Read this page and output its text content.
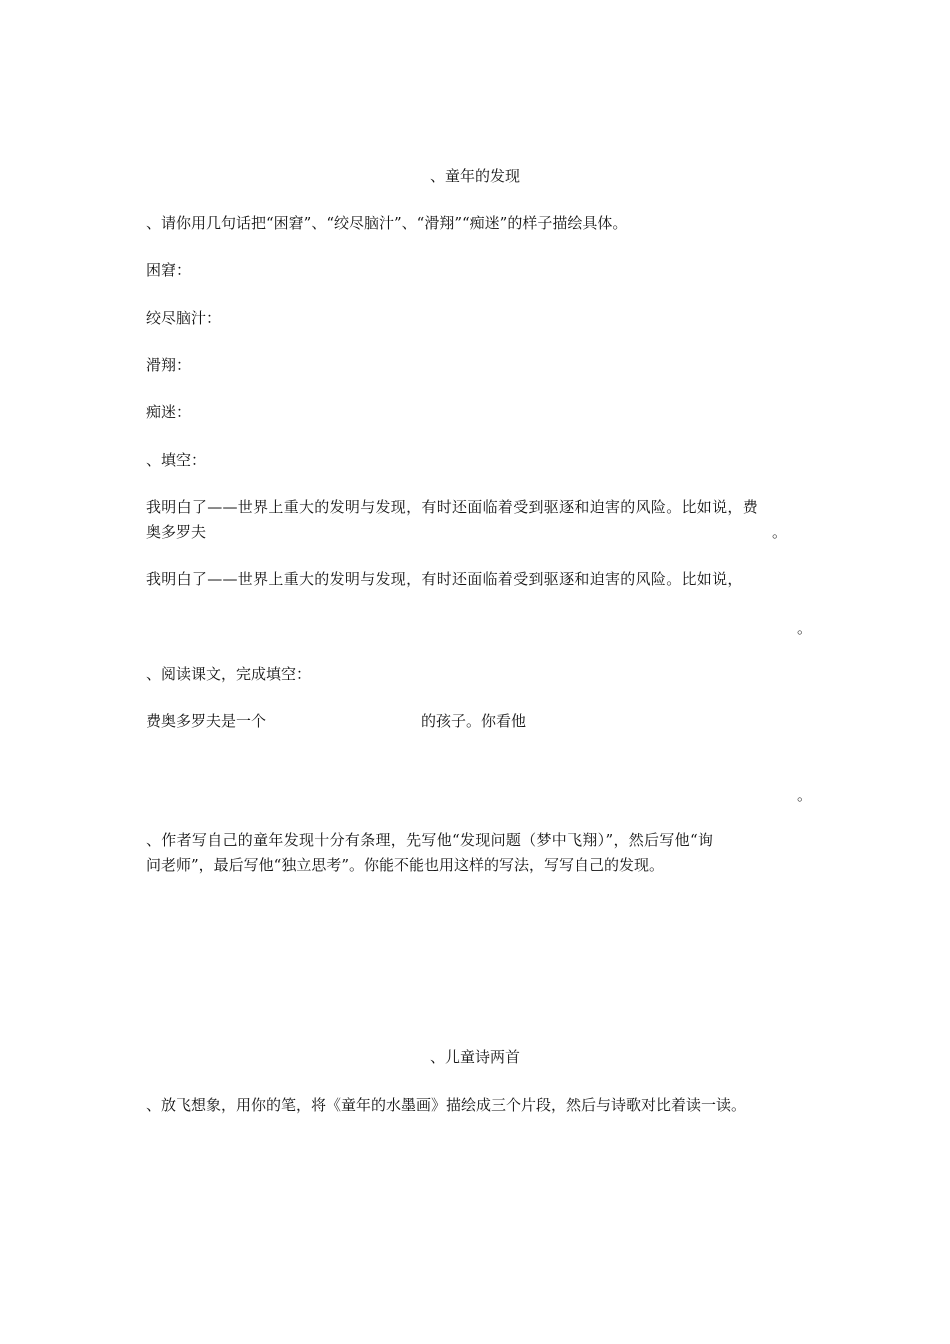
、童年的发现
、请你用几句话把“困窘”、“绞尽脑汁”、“滑翔”“痴迷”的样子描绘具体。
困窘：
绞尽脑汁：
滑翔：
痴迷：
、填空：
我明白了——世界上重大的发明与发现，有时还面临着受到驱逐和迫害的风险。比如说，费
奥多罗夫	。
我明白了——世界上重大的发明与发现，有时还面临着受到驱逐和迫害的风险。比如说，
。
、阅读课文，完成填空：
费奥多罗夫是一个	的孩子。你看他
。
、作者写自己的童年发现十分有条理，先写他“发现问题（梦中飞翔）”，然后写他“询
问老师”，最后写他“独立思考”。你能不能也用这样的写法，写写自己的发现。
、儿童诗两首
、放飞想象，用你的笔，将《童年的水墨画》描绘成三个片段，然后与诗歌对比着读一读。
